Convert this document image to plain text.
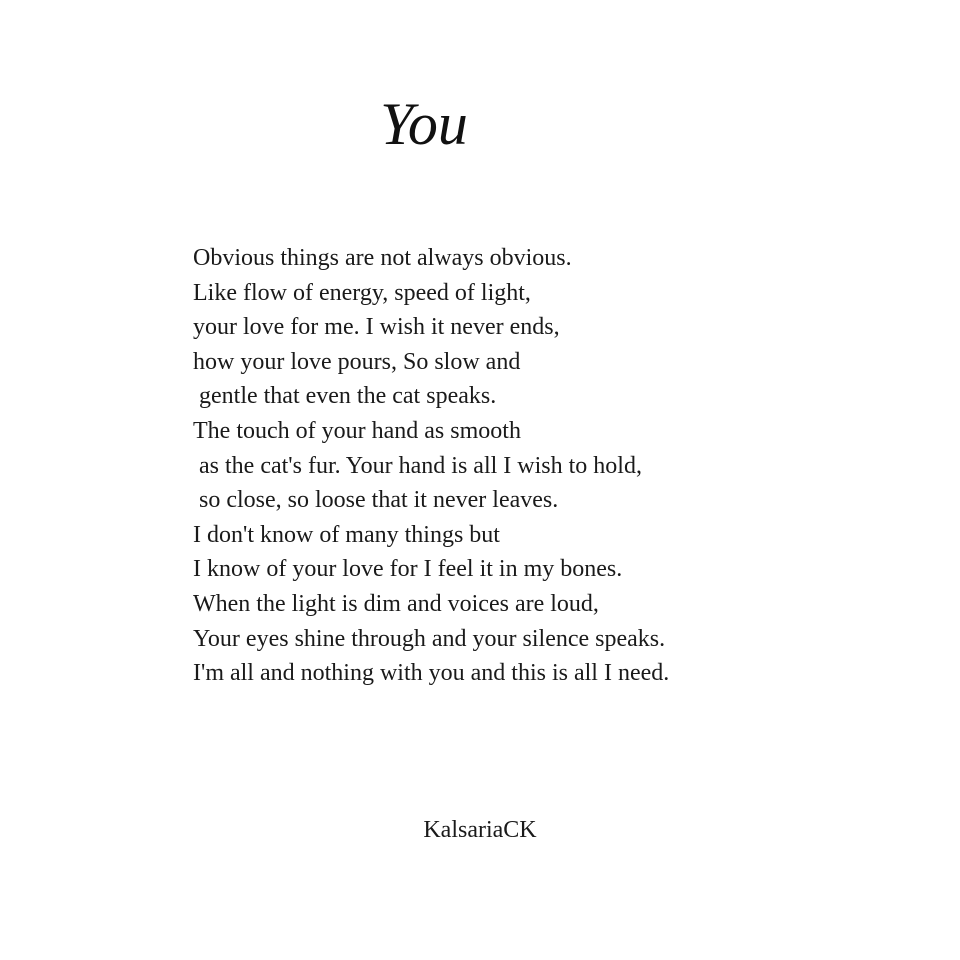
You
Obvious things are not always obvious.
Like flow of energy, speed of light,
your love for me. I wish it never ends,
how your love pours, So slow and
gentle that even the cat speaks.
The touch of your hand as smooth
as the cat's fur. Your hand is all I wish to hold,
so close, so loose that it never leaves.
I don't know of many things but
I know of your love for I feel it in my bones.
When the light is dim and voices are loud,
Your eyes shine through and your silence speaks.
I'm all and nothing with you and this is all I need.

KalsariaCK
